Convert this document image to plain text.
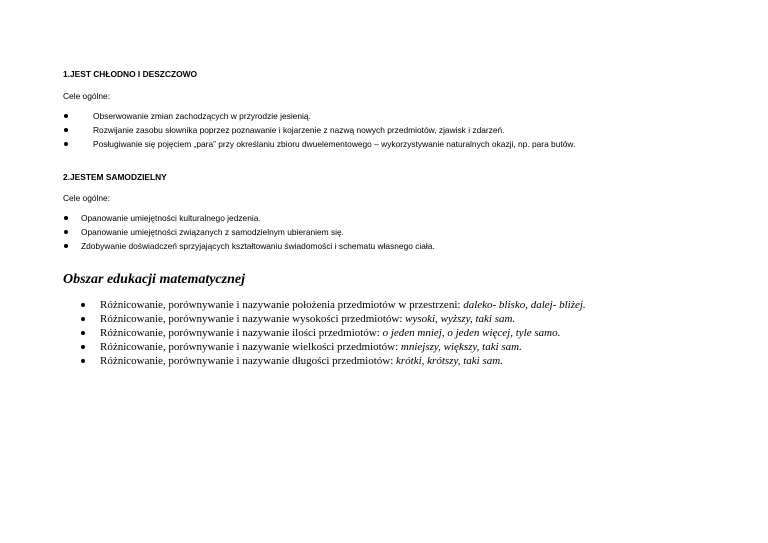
1.JEST CHŁODNO I DESZCZOWO
Cele ogólne:
Obserwowanie zmian zachodzących w przyrodzie jesienią.
Rozwijanie zasobu słownika poprzez poznawanie i kojarzenie z nazwą nowych przedmiotów, zjawisk i zdarzeń.
Posługiwanie się pojęciem „para” przy określaniu zbioru dwuelementowego – wykorzystywanie naturalnych okazji, np. para butów.
2.JESTEM SAMODZIELNY
Cele ogólne:
Opanowanie umiejętności kulturalnego jedzenia.
Opanowanie umiejętności związanych z samodzielnym ubieraniem się.
Zdobywanie doświadczeń sprzyjających kształtowaniu świadomości i schematu własnego ciała.
Obszar edukacji matematycznej
Różnicowanie, porównywanie i nazywanie położenia przedmiotów w przestrzeni: daleko- blisko, dalej- bliżej.
Różnicowanie, porównywanie i nazywanie wysokości przedmiotów: wysoki, wyższy, taki sam.
Różnicowanie, porównywanie i nazywanie ilości przedmiotów: o jeden mniej, o jeden więcej, tyle samo.
Różnicowanie, porównywanie i nazywanie wielkości przedmiotów: mniejszy, większy, taki sam.
Różnicowanie, porównywanie i nazywanie długości przedmiotów: krótki, krótszy, taki sam.
